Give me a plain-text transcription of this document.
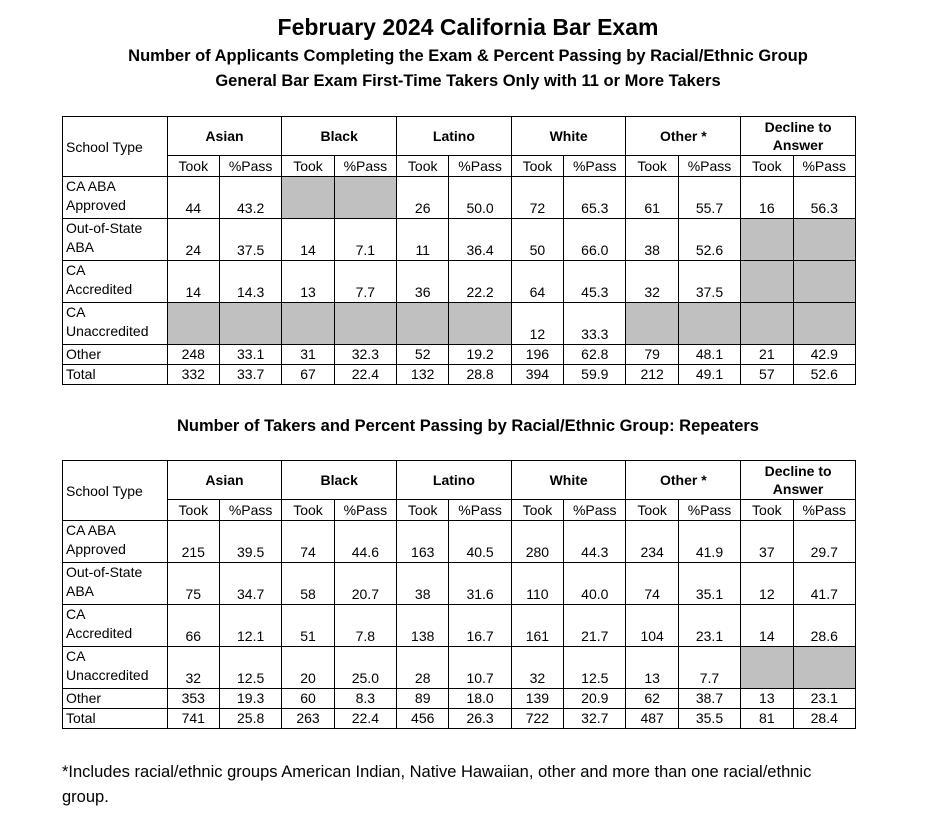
February 2024 California Bar Exam
Number of Applicants Completing the Exam & Percent Passing by Racial/Ethnic Group
General Bar Exam First-Time Takers Only with 11 or More Takers
School Type	Asian		Black		Latino		White		Other *		Decline to
Answer	
	Took	%Pass	Took	%Pass	Took	%Pass	Took	%Pass	Took	%Pass	Took	%Pass
CA ABA
Approved	44	43.2			26	50.0	72	65.3	61	55.7	16	56.3
Out-of-State
ABA	24	37.5	14	7.1	11	36.4	50	66.0	38	52.6		
CA
Accredited	14	14.3	13	7.7	36	22.2	64	45.3	32	37.5		
CA
Unaccredited							12	33.3				
Other	248	33.1	31	32.3	52	19.2	196	62.8	79	48.1	21	42.9
Total	332	33.7	67	22.4	132	28.8	394	59.9	212	49.1	57	52.6
Number of Takers and Percent Passing by Racial/Ethnic Group: Repeaters
School Type	Asian		Black		Latino		White		Other *		Decline to
Answer	
	Took	%Pass	Took	%Pass	Took	%Pass	Took	%Pass	Took	%Pass	Took	%Pass
CA ABA
Approved	215	39.5	74	44.6	163	40.5	280	44.3	234	41.9	37	29.7
Out-of-State
ABA	75	34.7	58	20.7	38	31.6	110	40.0	74	35.1	12	41.7
CA
Accredited	66	12.1	51	7.8	138	16.7	161	21.7	104	23.1	14	28.6
CA
Unaccredited	32	12.5	20	25.0	28	10.7	32	12.5	13	7.7		
Other	353	19.3	60	8.3	89	18.0	139	20.9	62	38.7	13	23.1
Total	741	25.8	263	22.4	456	26.3	722	32.7	487	35.5	81	28.4
*Includes racial/ethnic groups American Indian, Native Hawaiian, other and more than one racial/ethnic group.
